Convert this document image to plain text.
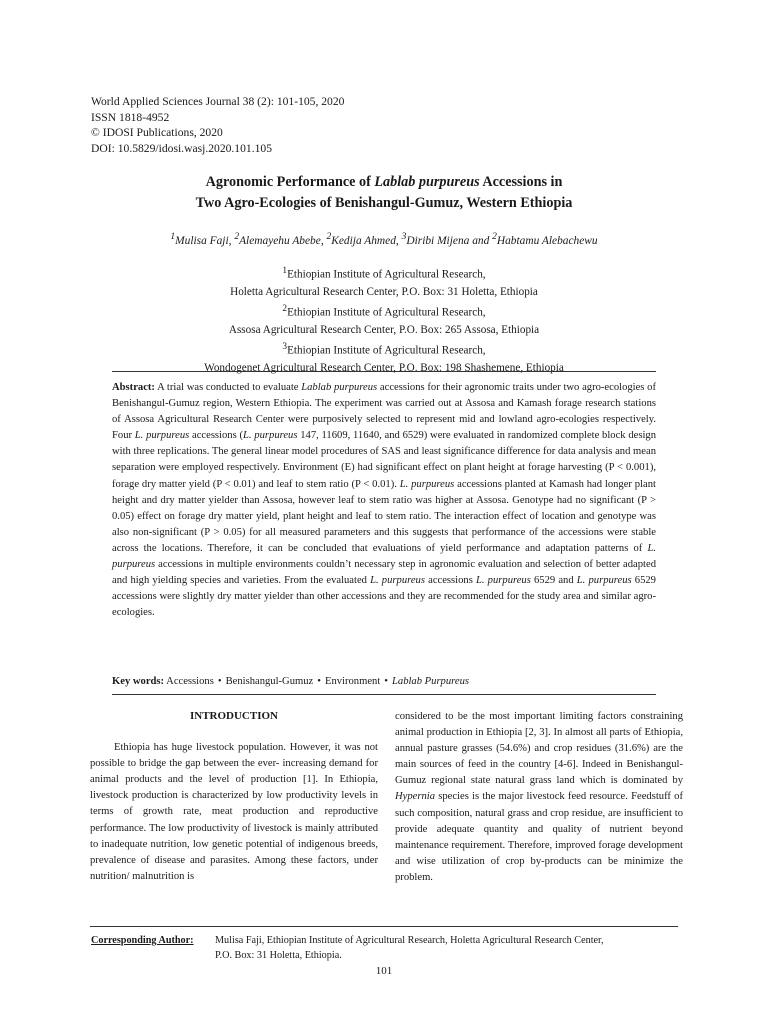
World Applied Sciences Journal 38 (2): 101-105, 2020
ISSN 1818-4952
© IDOSI Publications, 2020
DOI: 10.5829/idosi.wasj.2020.101.105
Agronomic Performance of Lablab purpureus Accessions in
Two Agro-Ecologies of Benishangul-Gumuz, Western Ethiopia
$^1$Mulisa Faji, $^2$Alemayehu Abebe, $^2$Kedija Ahmed, $^3$Diribi Mijena and $^2$Habtamu Alebachewu
$^1$Ethiopian Institute of Agricultural Research,
Holetta Agricultural Research Center, P.O. Box: 31 Holetta, Ethiopia
$^2$Ethiopian Institute of Agricultural Research,
Assosa Agricultural Research Center, P.O. Box: 265 Assosa, Ethiopia
$^3$Ethiopian Institute of Agricultural Research,
Wondogenet Agricultural Research Center, P.O. Box: 198 Shashemene, Ethiopia
Abstract: A trial was conducted to evaluate Lablab purpureus accessions for their agronomic traits under two agro-ecologies of Benishangul-Gumuz region, Western Ethiopia. The experiment was carried out at Assosa and Kamash forage research stations of Assosa Agricultural Research Center were purposively selected to represent mid and lowland agro-ecologies respectively. Four L. purpureus accessions (L. purpureus 147, 11609, 11640, and 6529) were evaluated in randomized complete block design with three replications. The general linear model procedures of SAS and least significance difference for data analysis and mean separation were employed respectively. Environment (E) had significant effect on plant height at forage harvesting (P < 0.001), forage dry matter yield (P < 0.01) and leaf to stem ratio (P < 0.01). L. purpureus accessions planted at Kamash had longer plant height and dry matter yielder than Assosa, however leaf to stem ratio was higher at Assosa. Genotype had no significant (P > 0.05) effect on forage dry matter yield, plant height and leaf to stem ratio. The interaction effect of location and genotype was also non-significant (P > 0.05) for all measured parameters and this suggests that performance of the accessions were stable across the locations. Therefore, it can be concluded that evaluations of yield performance and adaptation patterns of L. purpureus accessions in multiple environments couldn’t necessary step in agronomic evaluation and selection of better adapted and high yielding species and varieties. From the evaluated L. purpureus accessions L. purpureus 6529 and L. purpureus 6529 accessions were slightly dry matter yielder than other accessions and they are recommended for the study area and similar agro-ecologies.
Key words: Accessions • Benishangul-Gumuz • Environment • Lablab Purpureus

INTRODUCTION

Ethiopia has huge livestock population. However, it was not possible to bridge the gap between the ever- increasing demand for animal products and the level of production [1]. In Ethiopia, livestock production is characterized by low productivity levels in terms of growth rate, meat production and reproductive performance. The low productivity of livestock is mainly attributed to inadequate nutrition, low genetic potential of indigenous breeds, prevalence of disease and parasites. Among these factors, under nutrition/ malnutrition is

considered to be the most important limiting factors constraining animal production in Ethiopia [2, 3]. In almost all parts of Ethiopia, annual pasture grasses (54.6%) and crop residues (31.6%) are the main sources of feed in the country [4-6]. Indeed in Benishangul-Gumuz regional state natural grass land which is dominated by Hypernia species is the major livestock feed resource. Feedstuff of such composition, natural grass and crop residue, are insufficient to provide adequate quantity and quality of nutrient beyond maintenance requirement. Therefore, improved forage development and wise utilization of crop by-products can be minimize the problem.

Corresponding Author: Mulisa Faji, Ethiopian Institute of Agricultural Research, Holetta Agricultural Research Center,
P.O. Box: 31 Holetta, Ethiopia.
101
